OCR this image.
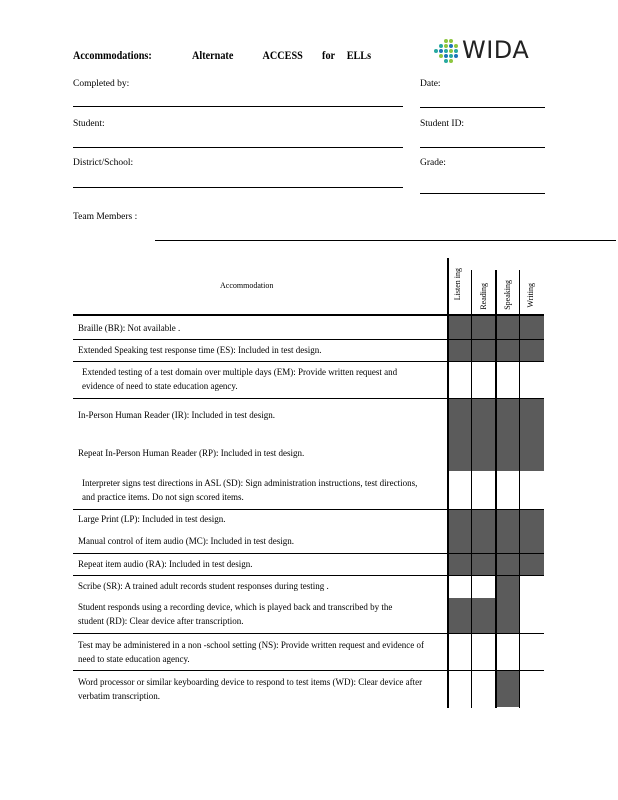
Accommodations:	Alternate ACCESS for ELLs	WIDA
Completed by:	Date:
Student:	Student ID:
District/School:	Grade:
Team Members :
Accommodation	Listen ing Reading Speaking Writing
Braille (BR): Not available .
Extended Speaking test response time (ES): Included in test design.
Extended testing of a test domain over multiple days (EM): Provide written request and evidence of need to state education agency.
In-Person Human Reader (IR): Included in test design.
Repeat In-Person Human Reader (RP): Included in test design.
Interpreter signs test directions in ASL (SD): Sign administration instructions, test directions, and practice items. Do not sign scored items.
Large Print (LP): Included in test design.
Manual control of item audio (MC): Included in test design.
Repeat item audio (RA): Included in test design.
Scribe (SR): A trained adult records student responses during testing .
Student responds using a recording device, which is played back and transcribed by the student (RD): Clear device after transcription.
Test may be administered in a non -school setting (NS): Provide written request and evidence of need to state education agency.
Word processor or similar keyboarding device to respond to test items (WD): Clear device after verbatim transcription.
